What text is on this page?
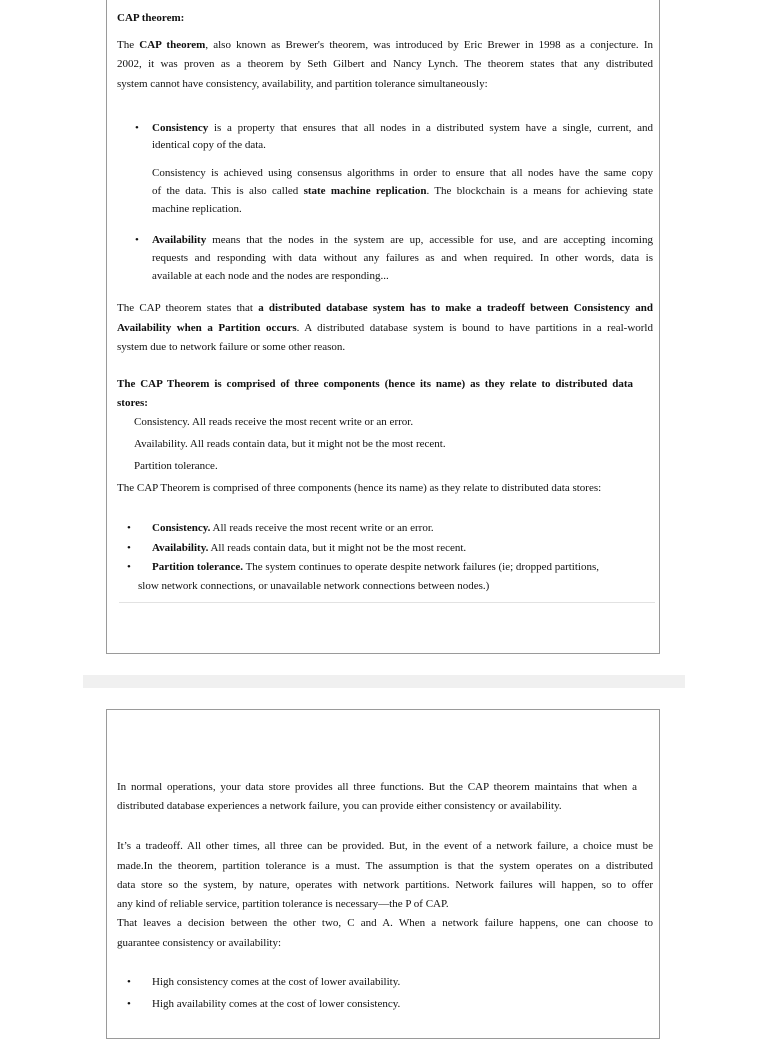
CAP theorem:

The CAP theorem, also known as Brewer's theorem, was introduced by Eric Brewer in 1998 as a conjecture. In

2002, it was proven as a theorem by Seth Gilbert and Nancy Lynch. The theorem states that any distributed

system cannot have consistency, availability, and partition tolerance simultaneously:

• Consistency is a property that ensures that all nodes in a distributed system have a single, current, and

identical copy of the data.

Consistency is achieved using consensus algorithms in order to ensure that all nodes have the same copy

of the data. This is also called state machine replication. The blockchain is a means for achieving state

machine replication.

• Availability means that the nodes in the system are up, accessible for use, and are accepting incoming

requests and responding with data without any failures as and when required. In other words, data is

available at each node and the nodes are responding...

The CAP theorem states that a distributed database system has to make a tradeoff between Consistency and

Availability when a Partition occurs. A distributed database system is bound to have partitions in a real-world

system due to network failure or some other reason.

The CAP Theorem is comprised of three components (hence its name) as they relate to distributed data

stores:

Consistency. All reads receive the most recent write or an error.

Availability. All reads contain data, but it might not be the most recent.

Partition tolerance.

The CAP Theorem is comprised of three components (hence its name) as they relate to distributed data stores:

• Consistency. All reads receive the most recent write or an error.

• Availability. All reads contain data, but it might not be the most recent.

• Partition tolerance. The system continues to operate despite network failures (ie; dropped partitions,

slow network connections, or unavailable network connections between nodes.)

In normal operations, your data store provides all three functions. But the CAP theorem maintains that when a

distributed database experiences a network failure, you can provide either consistency or availability.

It’s a tradeoff. All other times, all three can be provided. But, in the event of a network failure, a choice must be

made.In the theorem, partition tolerance is a must. The assumption is that the system operates on a distributed

data store so the system, by nature, operates with network partitions. Network failures will happen, so to offer

any kind of reliable service, partition tolerance is necessary—the P of CAP.

That leaves a decision between the other two, C and A. When a network failure happens, one can choose to

guarantee consistency or availability:

• High consistency comes at the cost of lower availability.

• High availability comes at the cost of lower consistency.
